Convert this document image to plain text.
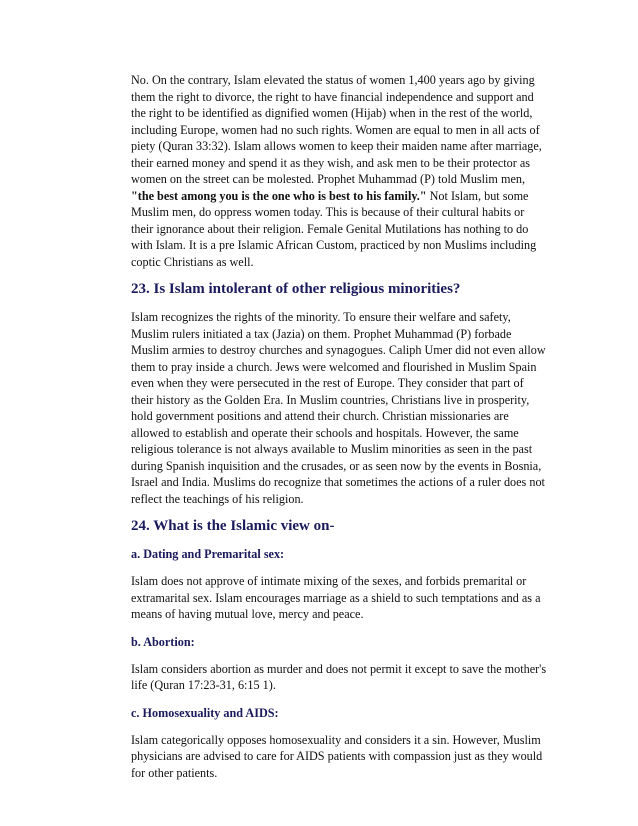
No. On the contrary, Islam elevated the status of women 1,400 years ago by giving them the right to divorce, the right to have financial independence and support and the right to be identified as dignified women (Hijab) when in the rest of the world, including Europe, women had no such rights. Women are equal to men in all acts of piety (Quran 33:32). Islam allows women to keep their maiden name after marriage, their earned money and spend it as they wish, and ask men to be their protector as women on the street can be molested. Prophet Muhammad (P) told Muslim men, "the best among you is the one who is best to his family." Not Islam, but some Muslim men, do oppress women today. This is because of their cultural habits or their ignorance about their religion. Female Genital Mutilations has nothing to do with Islam. It is a pre Islamic African Custom, practiced by non Muslims including coptic Christians as well.

23. Is Islam intolerant of other religious minorities?

Islam recognizes the rights of the minority. To ensure their welfare and safety, Muslim rulers initiated a tax (Jazia) on them. Prophet Muhammad (P) forbade Muslim armies to destroy churches and synagogues. Caliph Umer did not even allow them to pray inside a church. Jews were welcomed and flourished in Muslim Spain even when they were persecuted in the rest of Europe. They consider that part of their history as the Golden Era. In Muslim countries, Christians live in prosperity, hold government positions and attend their church. Christian missionaries are allowed to establish and operate their schools and hospitals. However, the same religious tolerance is not always available to Muslim minorities as seen in the past during Spanish inquisition and the crusades, or as seen now by the events in Bosnia, Israel and India. Muslims do recognize that sometimes the actions of a ruler does not reflect the teachings of his religion.

24. What is the Islamic view on-
a. Dating and Premarital sex:

Islam does not approve of intimate mixing of the sexes, and forbids premarital or extramarital sex. Islam encourages marriage as a shield to such temptations and as a means of having mutual love, mercy and peace.

b. Abortion:

Islam considers abortion as murder and does not permit it except to save the mother's life (Quran 17:23-31, 6:15 1).

c. Homosexuality and AIDS:

Islam categorically opposes homosexuality and considers it a sin. However, Muslim physicians are advised to care for AIDS patients with compassion just as they would for other patients.
